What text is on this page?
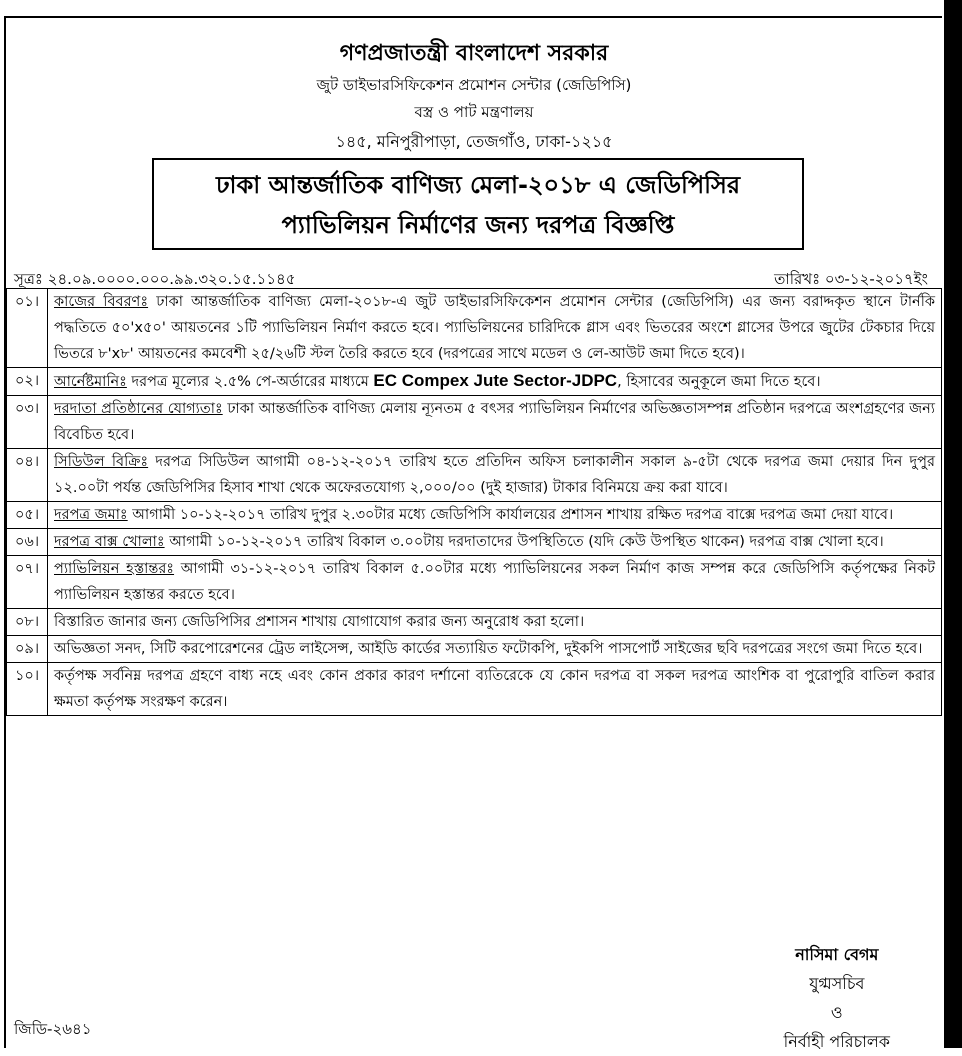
গণপ্রজাতন্ত্রী বাংলাদেশ সরকার
জুট ডাইভারসিফিকেশন প্রমোশন সেন্টার (জেডিপিসি)
বস্ত্র ও পাট মন্ত্রণালয়
১৪৫, মনিপুরীপাড়া, তেজগাঁও, ঢাকা-১২১৫
ঢাকা আন্তর্জাতিক বাণিজ্য মেলা-২০১৮ এ জেডিপিসির
প্যাভিলিয়ন নির্মাণের জন্য দরপত্র বিজ্ঞপ্তি
সূত্রঃ ২৪.০৯.০০০০.০০০.৯৯.৩২০.১৫.১১৪৫	তারিখঃ ০৩-১২-২০১৭ইং
০১।	কাজের বিবরণঃ ঢাকা আন্তর্জাতিক বাণিজ্য মেলা-২০১৮-এ জুট ডাইভারসিফিকেশন প্রমোশন সেন্টার (জেডিপিসি) এর জন্য বরাদ্দকৃত স্থানে টার্নকি পদ্ধতিতে ৫০'x৫০' আয়তনের ১টি প্যাভিলিয়ন নির্মাণ করতে হবে। প্যাভিলিয়নের চারিদিকে গ্লাস এবং ভিতরের অংশে গ্লাসের উপরে জুটের টেকচার দিয়ে ভিতরে ৮'x৮' আয়তনের কমবেশী ২৫/২৬টি স্টল তৈরি করতে হবে (দরপত্রের সাথে মডেল ও লে-আউট জমা দিতে হবে)।
০২।	আর্নেষ্টমানিঃ দরপত্র মূল্যের ২.৫% পে-অর্ডারের মাধ্যমে EC Compex Jute Sector-JDPC, হিসাবের অনুকূলে জমা দিতে হবে।
০৩।	দরদাতা প্রতিষ্ঠানের যোগ্যতাঃ ঢাকা আন্তর্জাতিক বাণিজ্য মেলায় ন্যূনতম ৫ বৎসর প্যাভিলিয়ন নির্মাণের অভিজ্ঞতাসম্পন্ন প্রতিষ্ঠান দরপত্রে অংশগ্রহণের জন্য বিবেচিত হবে।
০৪।	সিডিউল বিক্রিঃ দরপত্র সিডিউল আগামী ০৪-১২-২০১৭ তারিখ হতে প্রতিদিন অফিস চলাকালীন সকাল ৯-৫টা থেকে দরপত্র জমা দেয়ার দিন দুপুর ১২.০০টা পর্যন্ত জেডিপিসির হিসাব শাখা থেকে অফেরতযোগ্য ২,০০০/০০ (দুই হাজার) টাকার বিনিময়ে ক্রয় করা যাবে।
০৫।	দরপত্র জমাঃ আগামী ১০-১২-২০১৭ তারিখ দুপুর ২.৩০টার মধ্যে জেডিপিসি কার্যালয়ের প্রশাসন শাখায় রক্ষিত দরপত্র বাক্সে দরপত্র জমা দেয়া যাবে।
০৬।	দরপত্র বাক্স খোলাঃ আগামী ১০-১২-২০১৭ তারিখ বিকাল ৩.০০টায় দরদাতাদের উপস্থিতিতে (যদি কেউ উপস্থিত থাকেন) দরপত্র বাক্স খোলা হবে।
০৭।	প্যাভিলিয়ন হস্তান্তরঃ আগামী ৩১-১২-২০১৭ তারিখ বিকাল ৫.০০টার মধ্যে প্যাভিলিয়নের সকল নির্মাণ কাজ সম্পন্ন করে জেডিপিসি কর্তৃপক্ষের নিকট প্যাভিলিয়ন হস্তান্তর করতে হবে।
০৮।	বিস্তারিত জানার জন্য জেডিপিসির প্রশাসন শাখায় যোগাযোগ করার জন্য অনুরোধ করা হলো।
০৯।	অভিজ্ঞতা সনদ, সিটি করপোরেশনের ট্রেড লাইসেন্স, আইডি কার্ডের সত্যায়িত ফটোকপি, দুইকপি পাসপোর্ট সাইজের ছবি দরপত্রের সংগে জমা দিতে হবে।
১০।	কর্তৃপক্ষ সর্বনিম্ন দরপত্র গ্রহণে বাধ্য নহে এবং কোন প্রকার কারণ দর্শানো ব্যতিরেকে যে কোন দরপত্র বা সকল দরপত্র আংশিক বা পুরোপুরি বাতিল করার ক্ষমতা কর্তৃপক্ষ সংরক্ষণ করেন।
নাসিমা বেগম
যুগ্মসচিব
ও
নির্বাহী পরিচালক
জিডি-২৬৪১
